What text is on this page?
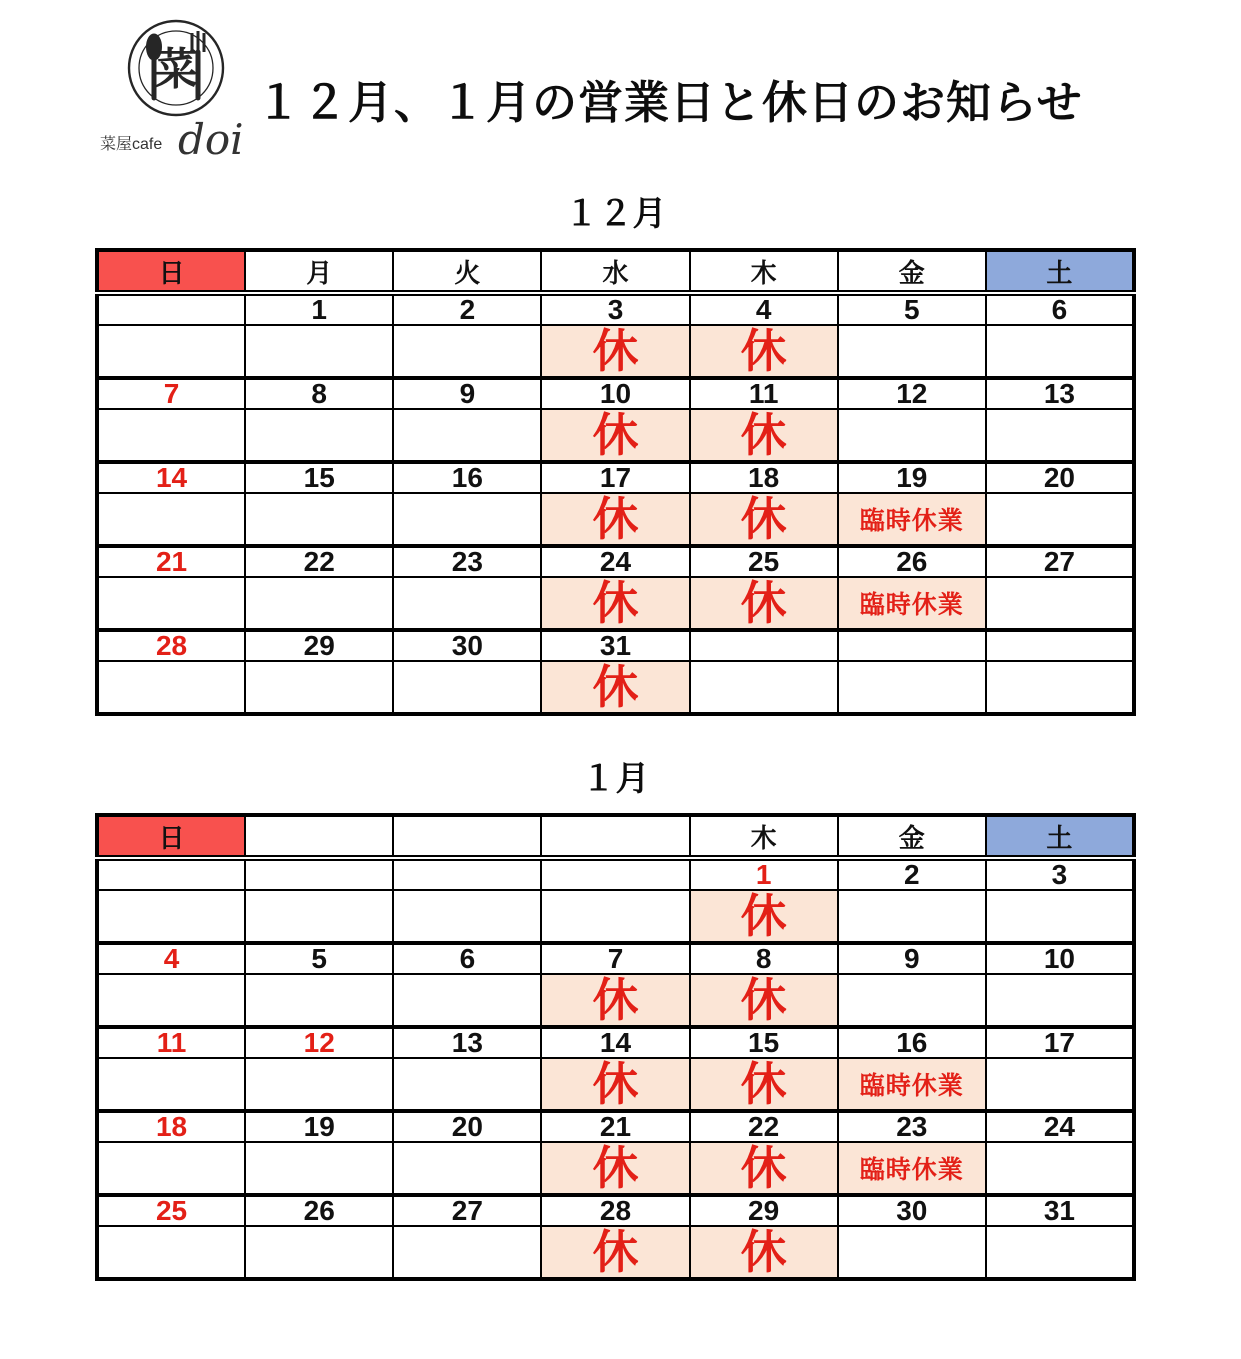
菜
菜屋cafe doi
１２月、１月の営業日と休日のお知らせ
１２月
日	月	火	水	木	金	土
	1	2	3	4	5	6
			休	休		
7	8	9	10	11	12	13
			休	休		
14	15	16	17	18	19	20
			休	休	臨時休業	
21	22	23	24	25	26	27
			休	休	臨時休業	
28	29	30	31			
			休			
１月
日				木	金	土
				1	2	3
				休		
4	5	6	7	8	9	10
			休	休		
11	12	13	14	15	16	17
			休	休	臨時休業	
18	19	20	21	22	23	24
			休	休	臨時休業	
25	26	27	28	29	30	31
			休	休		
